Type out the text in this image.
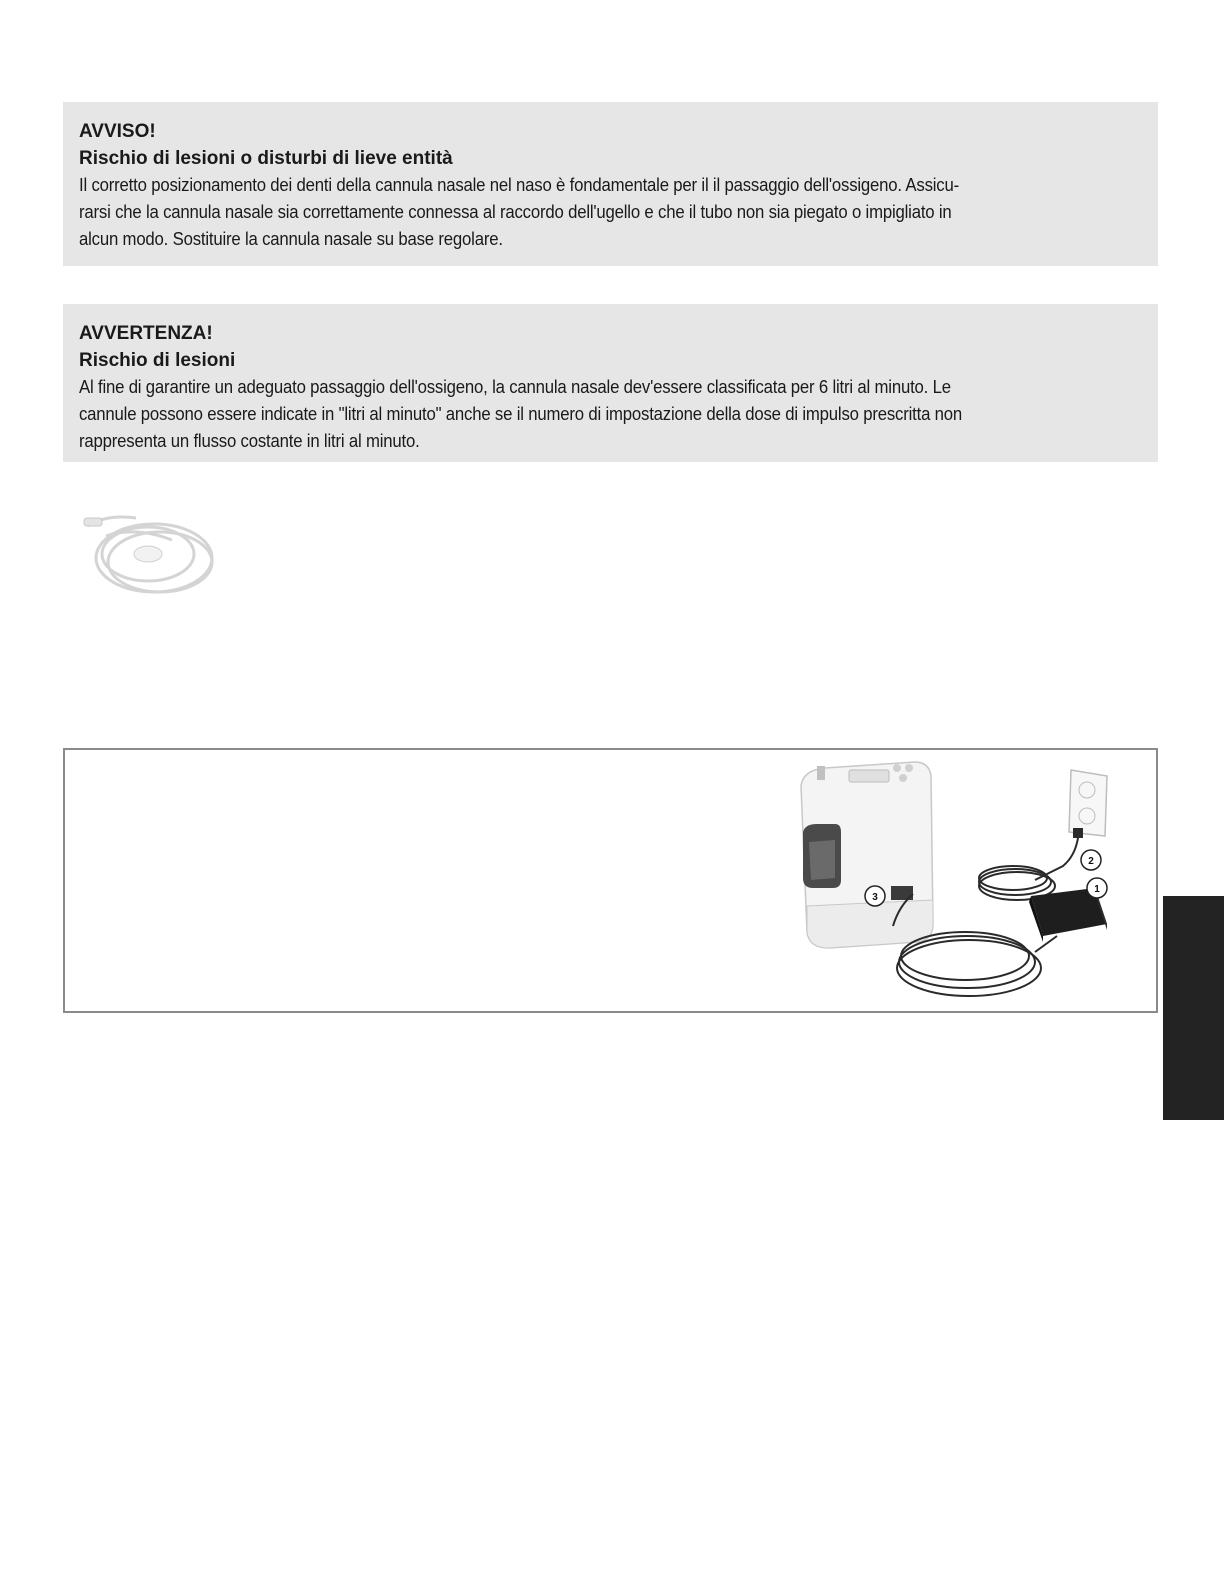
AVVISO!
Rischio di lesioni o disturbi di lieve entità
Il corretto posizionamento dei denti della cannula nasale nel naso è fondamentale per il il passaggio dell'ossigeno. Assicu-
rarsi che la cannula nasale sia correttamente connessa al raccordo dell'ugello e che il tubo non sia piegato o impigliato in
alcun modo. Sostituire la cannula nasale su base regolare.
AVVERTENZA!
Rischio di lesioni
Al fine di garantire un adeguato passaggio dell'ossigeno, la cannula nasale dev'essere classificata per 6 litri al minuto. Le
cannule possono essere indicate in "litri al minuto" anche se il numero di impostazione della dose di impulso prescritta non
rappresenta un flusso costante in litri al minuto.
3
2
1
